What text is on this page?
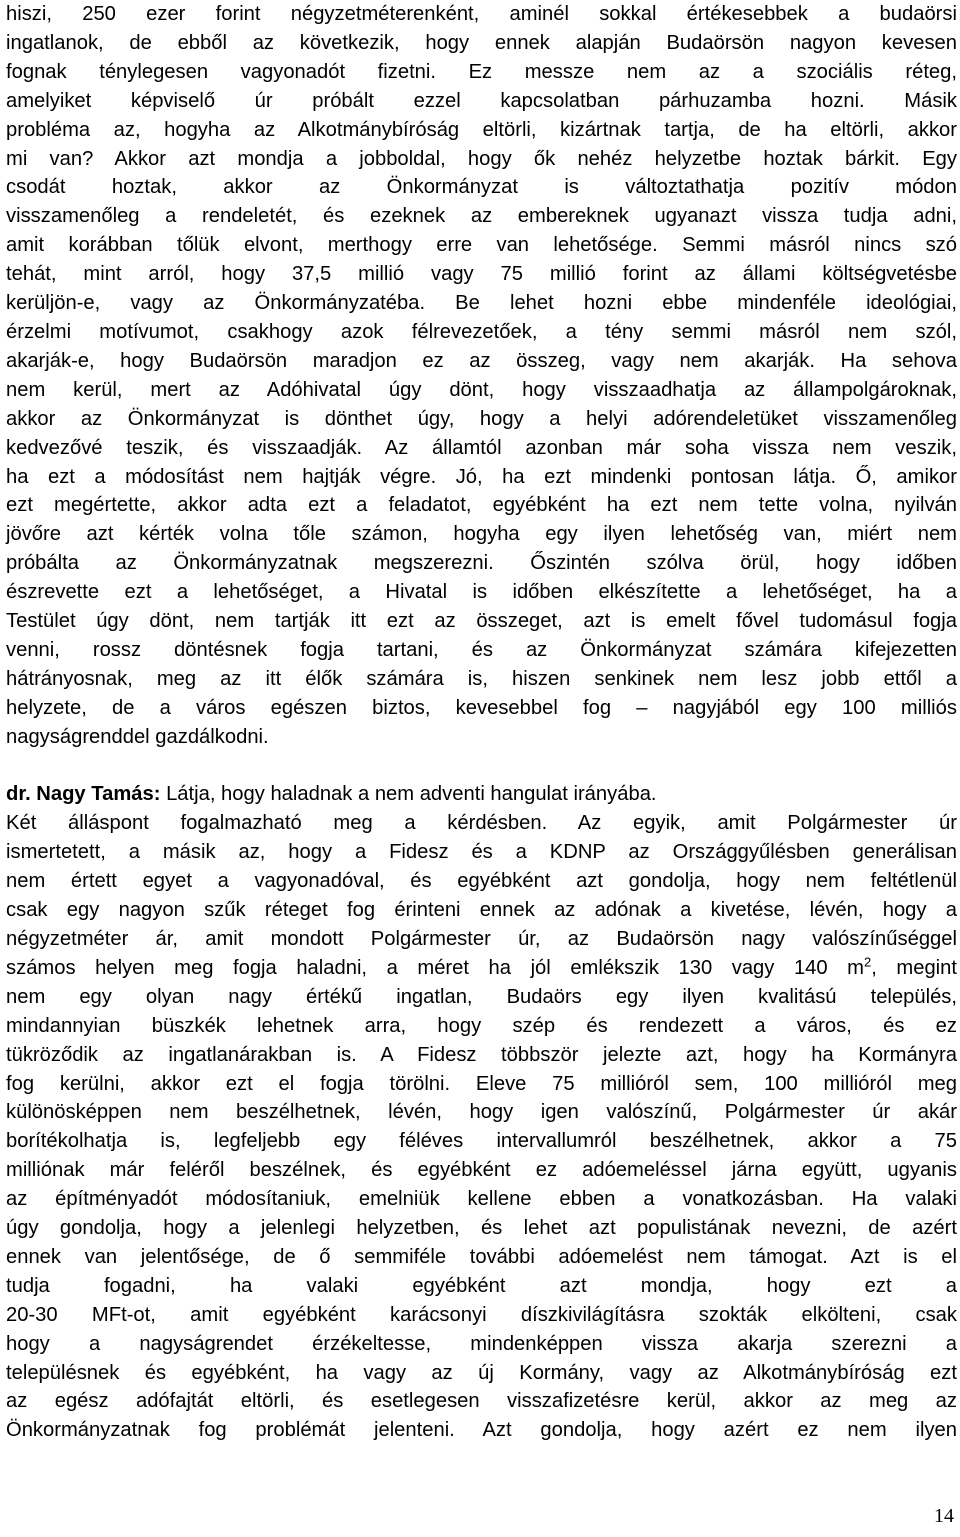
hiszi, 250 ezer forint négyzetméterenként, aminél sokkal értékesebbek a budaörsi
ingatlanok, de ebből az következik, hogy ennek alapján Budaörsön nagyon kevesen
fognak ténylegesen vagyonadót fizetni. Ez messze nem az a szociális réteg,
amelyiket képviselő úr próbált ezzel kapcsolatban párhuzamba hozni. Másik
probléma az, hogyha az Alkotmánybíróság eltörli, kizártnak tartja, de ha eltörli, akkor
mi van? Akkor azt mondja a jobboldal, hogy ők nehéz helyzetbe hoztak bárkit. Egy
csodát hoztak, akkor az Önkormányzat is változtathatja pozitív módon
visszamenőleg a rendeletét, és ezeknek az embereknek ugyanazt vissza tudja adni,
amit korábban tőlük elvont, merthogy erre van lehetősége. Semmi másról nincs szó
tehát, mint arról, hogy 37,5 millió vagy 75 millió forint az állami költségvetésbe
kerüljön-e, vagy az Önkormányzatéba. Be lehet hozni ebbe mindenféle ideológiai,
érzelmi motívumot, csakhogy azok félrevezetőek, a tény semmi másról nem szól,
akarják-e, hogy Budaörsön maradjon ez az összeg, vagy nem akarják. Ha sehova
nem kerül, mert az Adóhivatal úgy dönt, hogy visszaadhatja az állampolgároknak,
akkor az Önkormányzat is dönthet úgy, hogy a helyi adórendeletüket visszamenőleg
kedvezővé teszik, és visszaadják. Az államtól azonban már soha vissza nem veszik,
ha ezt a módosítást nem hajtják végre. Jó, ha ezt mindenki pontosan látja. Ő, amikor
ezt megértette, akkor adta ezt a feladatot, egyébként ha ezt nem tette volna, nyilván
jövőre azt kérték volna tőle számon, hogyha egy ilyen lehetőség van, miért nem
próbálta az Önkormányzatnak megszerezni. Őszintén szólva örül, hogy időben
észrevette ezt a lehetőséget, a Hivatal is időben elkészítette a lehetőséget, ha a
Testület úgy dönt, nem tartják itt ezt az összeget, azt is emelt fővel tudomásul fogja
venni, rossz döntésnek fogja tartani, és az Önkormányzat számára kifejezetten
hátrányosnak, meg az itt élők számára is, hiszen senkinek nem lesz jobb ettől a
helyzete, de a város egészen biztos, kevesebbel fog – nagyjából egy 100 milliós
nagyságrenddel gazdálkodni.

dr. Nagy Tamás: Látja, hogy haladnak a nem adventi hangulat irányába.

Két álláspont fogalmazható meg a kérdésben. Az egyik, amit Polgármester úr
ismertetett, a másik az, hogy a Fidesz és a KDNP az Országgyűlésben generálisan
nem értett egyet a vagyonadóval, és egyébként azt gondolja, hogy nem feltétlenül
csak egy nagyon szűk réteget fog érinteni ennek az adónak a kivetése, lévén, hogy a
négyzetméter ár, amit mondott Polgármester úr, az Budaörsön nagy valószínűséggel

számos helyen meg fogja haladni, a méret ha jól emlékszik 130 vagy 140 $m^2$, megint

nem egy olyan nagy értékű ingatlan, Budaörs egy ilyen kvalitású település,
mindannyian büszkék lehetnek arra, hogy szép és rendezett a város, és ez
tükröződik az ingatlanárakban is. A Fidesz többször jelezte azt, hogy ha Kormányra
fog kerülni, akkor ezt el fogja törölni. Eleve 75 millióról sem, 100 millióról meg
különösképpen nem beszélhetnek, lévén, hogy igen valószínű, Polgármester úr akár
borítékolhatja is, legfeljebb egy féléves intervallumról beszélhetnek, akkor a 75
milliónak már feléről beszélnek, és egyébként ez adóemeléssel járna együtt, ugyanis
az építményadót módosítaniuk, emelniük kellene ebben a vonatkozásban. Ha valaki
úgy gondolja, hogy a jelenlegi helyzetben, és lehet azt populistának nevezni, de azért
ennek van jelentősége, de ő semmiféle további adóemelést nem támogat. Azt is el
tudja fogadni, ha valaki egyébként azt mondja, hogy ezt a
20-30 MFt-ot, amit egyébként karácsonyi díszkivilágításra szokták elkölteni, csak
hogy a nagyságrendet érzékeltesse, mindenképpen vissza akarja szerezni a
településnek és egyébként, ha vagy az új Kormány, vagy az Alkotmánybíróság ezt
az egész adófajtát eltörli, és esetlegesen visszafizetésre kerül, akkor az meg az
Önkormányzatnak fog problémát jelenteni. Azt gondolja, hogy azért ez nem ilyen

14
